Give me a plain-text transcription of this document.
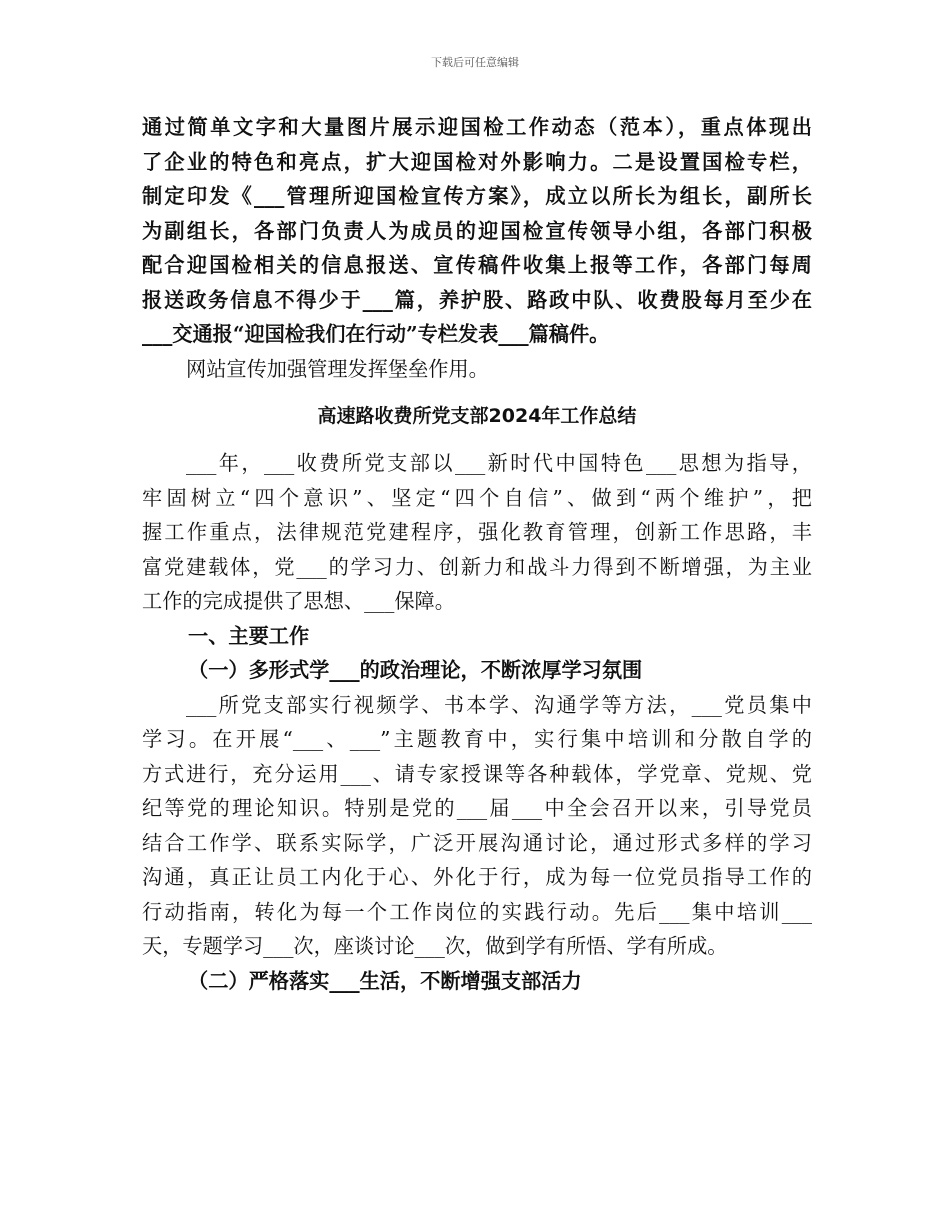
下载后可任意编辑
通过简单文字和大量图片展示迎国检工作动态（范本），重点体现出
了企业的特色和亮点，扩大迎国检对外影响力。二是设置国检专栏，
制定印发《___管理所迎国检宣传方案》，成立以所长为组长，副所长
为副组长，各部门负责人为成员的迎国检宣传领导小组，各部门积极
配合迎国检相关的信息报送、宣传稿件收集上报等工作，各部门每周
报送政务信息不得少于___篇，养护股、路政中队、收费股每月至少在
___交通报“迎国检我们在行动”专栏发表___篇稿件。
网站宣传加强管理发挥堡垒作用。
高速路收费所党支部2024年工作总结
___年，___收费所党支部以___新时代中国特色___思想为指导，
牢固树立“四个意识”、坚定“四个自信”、做到“两个维护”，把
握工作重点，法律规范党建程序，强化教育管理，创新工作思路，丰
富党建载体，党___的学习力、创新力和战斗力得到不断增强，为主业
工作的完成提供了思想、___保障。
一、主要工作
（一）多形式学___的政治理论，不断浓厚学习氛围
___所党支部实行视频学、书本学、沟通学等方法，___党员集中
学习。在开展“___、___”主题教育中，实行集中培训和分散自学的
方式进行，充分运用___、请专家授课等各种载体，学党章、党规、党
纪等党的理论知识。特别是党的___届___中全会召开以来，引导党员
结合工作学、联系实际学，广泛开展沟通讨论，通过形式多样的学习
沟通，真正让员工内化于心、外化于行，成为每一位党员指导工作的
行动指南，转化为每一个工作岗位的实践行动。先后___集中培训___
天，专题学习___次，座谈讨论___次，做到学有所悟、学有所成。
（二）严格落实___生活，不断增强支部活力
